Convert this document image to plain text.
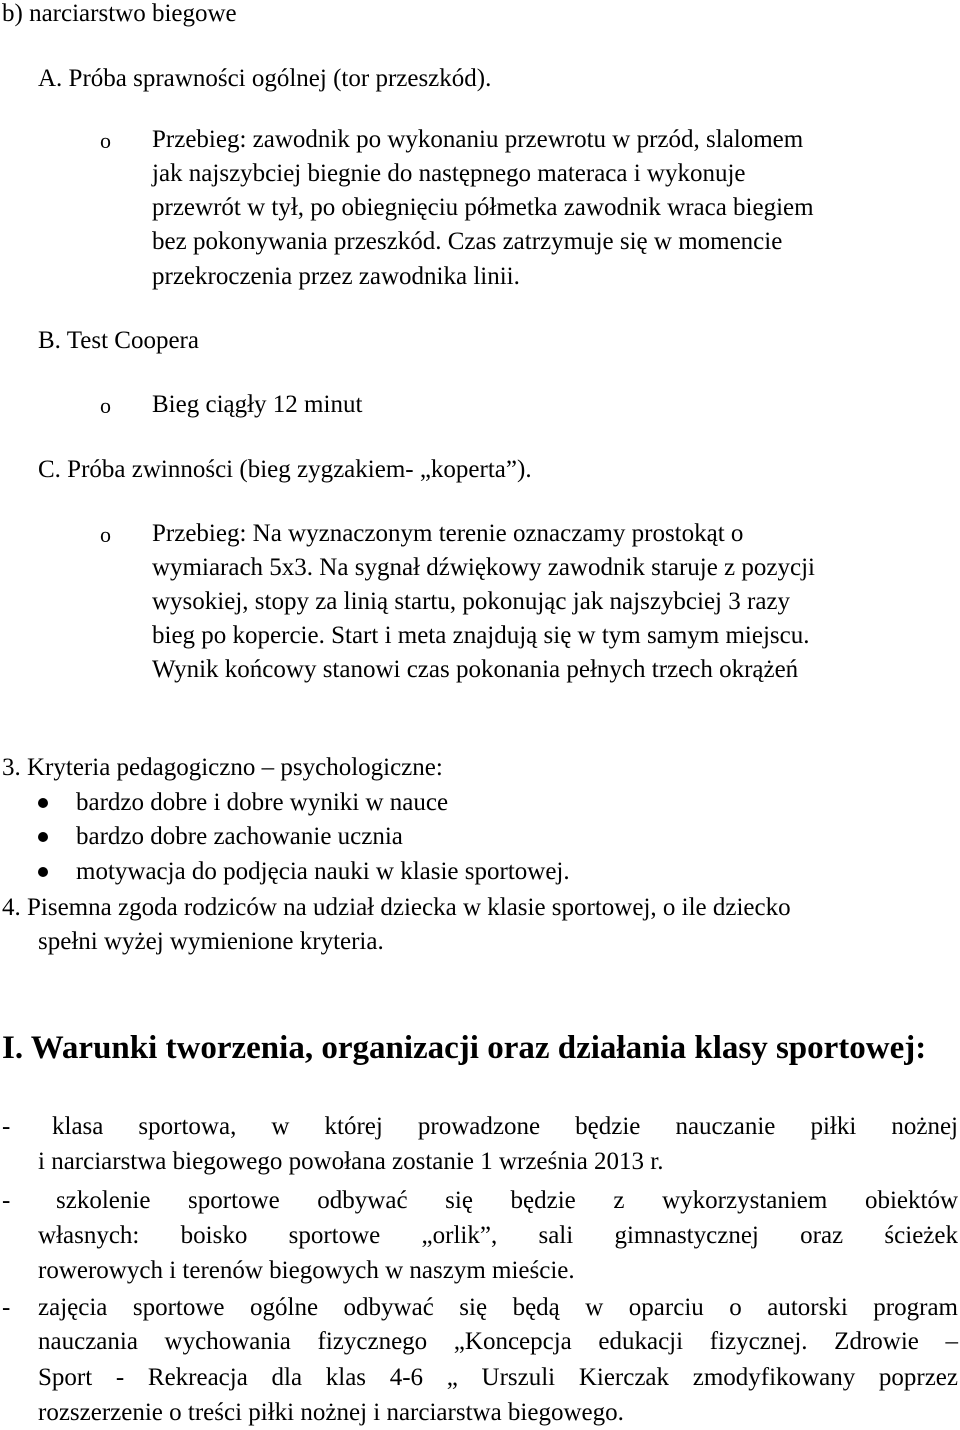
b) narciarstwo biegowe
A. Próba sprawności ogólnej (tor przeszkód).
o Przebieg: zawodnik po wykonaniu przewrotu w przód, slalomem
jak najszybciej biegnie do następnego materaca i wykonuje
przewrót w tył, po obiegnięciu półmetka zawodnik wraca biegiem
bez pokonywania przeszkód. Czas zatrzymuje się w momencie
przekroczenia przez zawodnika linii.
B. Test Coopera
o Bieg ciągły 12 minut
C. Próba zwinności (bieg zygzakiem- „koperta”).
o Przebieg: Na wyznaczonym terenie oznaczamy prostokąt o
wymiarach 5x3. Na sygnał dźwiękowy zawodnik staruje z pozycji
wysokiej, stopy za linią startu, pokonując jak najszybciej 3 razy
bieg po kopercie. Start i meta znajdują się w tym samym miejscu.
Wynik końcowy stanowi czas pokonania pełnych trzech okrążeń
3. Kryteria pedagogiczno – psychologiczne:
bardzo dobre i dobre wyniki w nauce
bardzo dobre zachowanie ucznia
motywacja do podjęcia nauki w klasie sportowej.
4. Pisemna zgoda rodziców na udział dziecka w klasie sportowej, o ile dziecko
spełni wyżej wymienione kryteria.
I. Warunki tworzenia, organizacji oraz działania klasy sportowej:
- klasa sportowa, w której prowadzone będzie nauczanie piłki nożnej
i narciarstwa biegowego powołana zostanie 1 września 2013 r.
- szkolenie sportowe odbywać się będzie z wykorzystaniem obiektów
własnych: boisko sportowe „orlik”, sali gimnastycznej oraz ścieżek
rowerowych i terenów biegowych w naszym mieście.
- zajęcia sportowe ogólne odbywać się będą w oparciu o autorski program
nauczania wychowania fizycznego „Koncepcja edukacji fizycznej. Zdrowie –
Sport - Rekreacja dla klas 4-6 „ Urszuli Kierczak zmodyfikowany poprzez
rozszerzenie o treści piłki nożnej i narciarstwa biegowego.
